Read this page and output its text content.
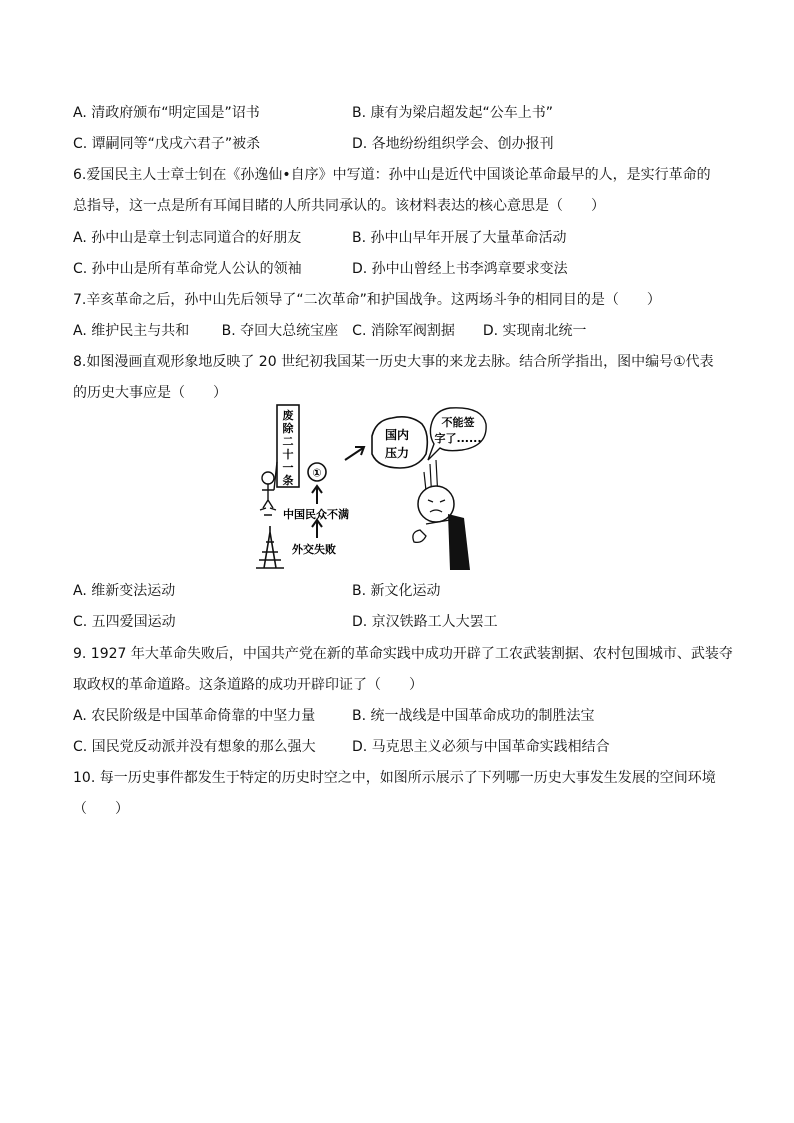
A. 清政府颁布“明定国是”诏书	B. 康有为梁启超发起“公车上书”
C. 谭嗣同等“戊戌六君子”被杀	D. 各地纷纷组织学会、创办报刊
6.爱国民主人士章士钊在《孙逸仙•自序》中写道：孙中山是近代中国谈论革命最早的人，是实行革命的
总指导，这一点是所有耳闻目睹的人所共同承认的。该材料表达的核心意思是（　　）
A. 孙中山是章士钊志同道合的好朋友	B. 孙中山早年开展了大量革命活动
C. 孙中山是所有革命党人公认的领袖	D. 孙中山曾经上书李鸿章要求变法
7.辛亥革命之后，孙中山先后领导了“二次革命”和护国战争。这两场斗争的相同目的是（　　）
A. 维护民主与共和　　 B. 夺回大总统宝座　C. 消除军阀割据　　D. 实现南北统一
8.如图漫画直观形象地反映了 20 世纪初我国某一历史大事的来龙去脉。结合所学指出，图中编号①代表
的历史大事应是（　　）
废
除
二
十
一
条
①
中国民众不满
外交失败
国内
压力
不能签
字了......
A. 维新变法运动	B. 新文化运动
C. 五四爱国运动	D. 京汉铁路工人大罢工
9. 1927 年大革命失败后，中国共产党在新的革命实践中成功开辟了工农武装割据、农村包围城市、武装夺
取政权的革命道路。这条道路的成功开辟印证了（　　）
A. 农民阶级是中国革命倚靠的中坚力量	B. 统一战线是中国革命成功的制胜法宝
C. 国民党反动派并没有想象的那么强大	D. 马克思主义必须与中国革命实践相结合
10. 每一历史事件都发生于特定的历史时空之中，如图所示展示了下列哪一历史大事发生发展的空间环境
（　　）
